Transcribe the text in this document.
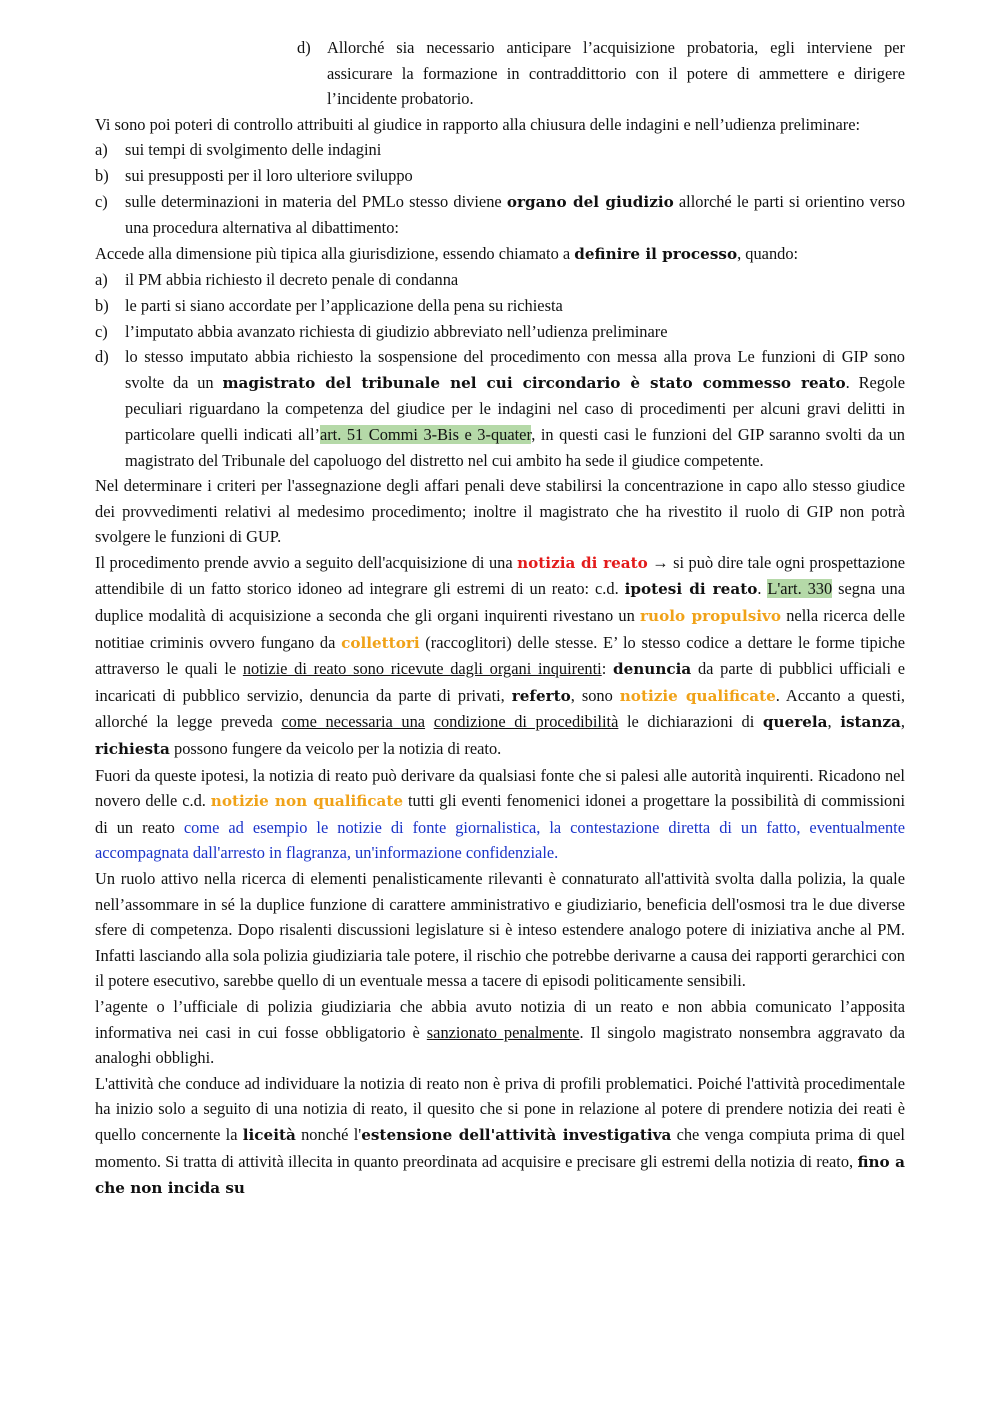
d) Allorché sia necessario anticipare l’acquisizione probatoria, egli interviene per assicurare la formazione in contraddittorio con il potere di ammettere e dirigere l’incidente probatorio.

Vi sono poi poteri di controllo attribuiti al giudice in rapporto alla chiusura delle indagini e nell’udienza preliminare:

a) sui tempi di svolgimento delle indagini
b) sui presupposti per il loro ulteriore sviluppo
c) sulle determinazioni in materia del PMLo stesso diviene organo del giudizio allorché le parti si orientino verso una procedura alternativa al dibattimento:

Accede alla dimensione più tipica alla giurisdizione, essendo chiamato a definire il processo, quando:

a) il PM abbia richiesto il decreto penale di condanna
b) le parti si siano accordate per l’applicazione della pena su richiesta
c) l’imputato abbia avanzato richiesta di giudizio abbreviato nell’udienza preliminare
d) lo stesso imputato abbia richiesto la sospensione del procedimento con messa alla prova Le funzioni di GIP sono svolte da un magistrato del tribunale nel cui circondario è stato commesso reato. Regole peculiari riguardano la competenza del giudice per le indagini nel caso di procedimenti per alcuni gravi delitti in particolare quelli indicati all’art. 51 Commi 3-Bis e 3-quater, in questi casi le funzioni del GIP saranno svolti da un magistrato del Tribunale del capoluogo del distretto nel cui ambito ha sede il giudice competente.

Nel determinare i criteri per l'assegnazione degli affari penali deve stabilirsi la concentrazione in capo allo stesso giudice dei provvedimenti relativi al medesimo procedimento; inoltre il magistrato che ha rivestito il ruolo di GIP non potrà svolgere le funzioni di GUP.

Il procedimento prende avvio a seguito dell'acquisizione di una notizia di reato → si può dire tale ogni prospettazione attendibile di un fatto storico idoneo ad integrare gli estremi di un reato: c.d. ipotesi di reato. L'art. 330 segna una duplice modalità di acquisizione a seconda che gli organi inquirenti rivestano un ruolo propulsivo nella ricerca delle notitiae criminis ovvero fungano da collettori (raccoglitori) delle stesse. E’ lo stesso codice a dettare le forme tipiche attraverso le quali le notizie di reato sono ricevute dagli organi inquirenti: denuncia da parte di pubblici ufficiali e incaricati di pubblico servizio, denuncia da parte di privati, referto, sono notizie qualificate. Accanto a questi, allorché la legge preveda come necessaria una condizione di procedibilità le dichiarazioni di querela, istanza, richiesta possono fungere da veicolo per la notizia di reato.

Fuori da queste ipotesi, la notizia di reato può derivare da qualsiasi fonte che si palesi alle autorità inquirenti. Ricadono nel novero delle c.d. notizie non qualificate tutti gli eventi fenomenici idonei a progettare la possibilità di commissioni di un reato come ad esempio le notizie di fonte giornalistica, la contestazione diretta di un fatto, eventualmente accompagnata dall'arresto in flagranza, un'informazione confidenziale.

Un ruolo attivo nella ricerca di elementi penalisticamente rilevanti è connaturato all'attività svolta dalla polizia, la quale nell’assommare in sé la duplice funzione di carattere amministrativo e giudiziario, beneficia dell'osmosi tra le due diverse sfere di competenza. Dopo risalenti discussioni legislature si è inteso estendere analogo potere di iniziativa anche al PM. Infatti lasciando alla sola polizia giudiziaria tale potere, il rischio che potrebbe derivarne a causa dei rapporti gerarchici con il potere esecutivo, sarebbe quello di un eventuale messa a tacere di episodi politicamente sensibili.

l’agente o l’ufficiale di polizia giudiziaria che abbia avuto notizia di un reato e non abbia comunicato l’apposita informativa nei casi in cui fosse obbligatorio è sanzionato penalmente. Il singolo magistrato nonsembra aggravato da analoghi obblighi.

L'attività che conduce ad individuare la notizia di reato non è priva di profili problematici. Poiché l'attività procedimentale ha inizio solo a seguito di una notizia di reato, il quesito che si pone in relazione al potere di prendere notizia dei reati è quello concernente la liceità nonché l'estensione dell'attività investigativa che venga compiuta prima di quel momento. Si tratta di attività illecita in quanto preordinata ad acquisire e precisare gli estremi della notizia di reato, fino a che non incida su
